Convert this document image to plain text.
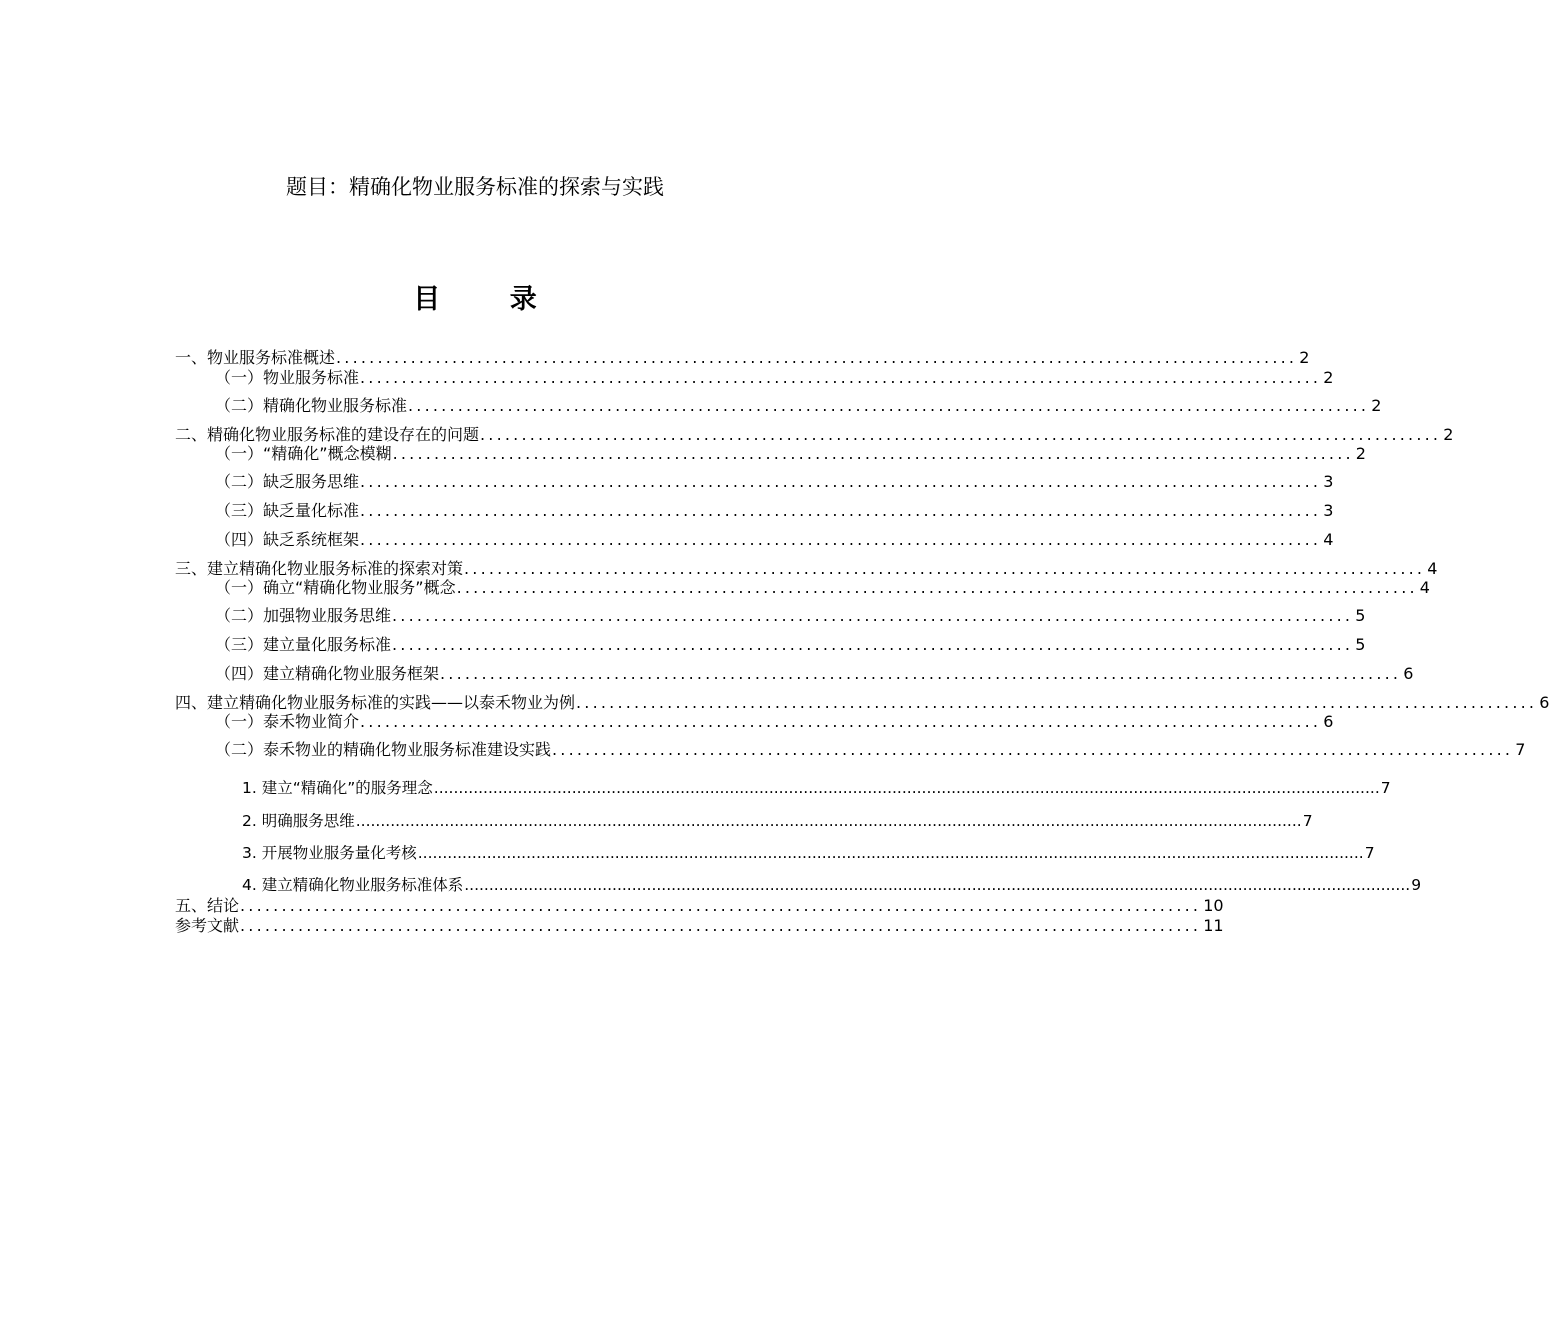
题目：精确化物业服务标准的探索与实践
目 录
一、物业服务标准概述 .................................................................................................................... 2
（一）物业服务标准 .................................................................................................................... 2
（二）精确化物业服务标准 .................................................................................................................... 2
二、精确化物业服务标准的建设存在的问题 .................................................................................................................... 2
（一）“精确化”概念模糊 .................................................................................................................... 2
（二）缺乏服务思维 .................................................................................................................... 3
（三）缺乏量化标准 .................................................................................................................... 3
（四）缺乏系统框架 .................................................................................................................... 4
三、建立精确化物业服务标准的探索对策 .................................................................................................................... 4
（一）确立“精确化物业服务”概念 .................................................................................................................... 4
（二）加强物业服务思维 .................................................................................................................... 5
（三）建立量化服务标准 .................................................................................................................... 5
（四）建立精确化物业服务框架 .................................................................................................................... 6
四、建立精确化物业服务标准的实践——以泰禾物业为例 .................................................................................................................... 6
（一）泰禾物业简介 .................................................................................................................... 6
（二）泰禾物业的精确化物业服务标准建设实践 .................................................................................................................... 7
1. 建立“精确化”的服务理念 ................................................................................................................................................................................................ 7
2. 明确服务思维 ................................................................................................................................................................................................ 7
3. 开展物业服务量化考核 ................................................................................................................................................................................................ 7
4. 建立精确化物业服务标准体系 ................................................................................................................................................................................................ 9
五、结论 .................................................................................................................... 10
参考文献 .................................................................................................................... 11
